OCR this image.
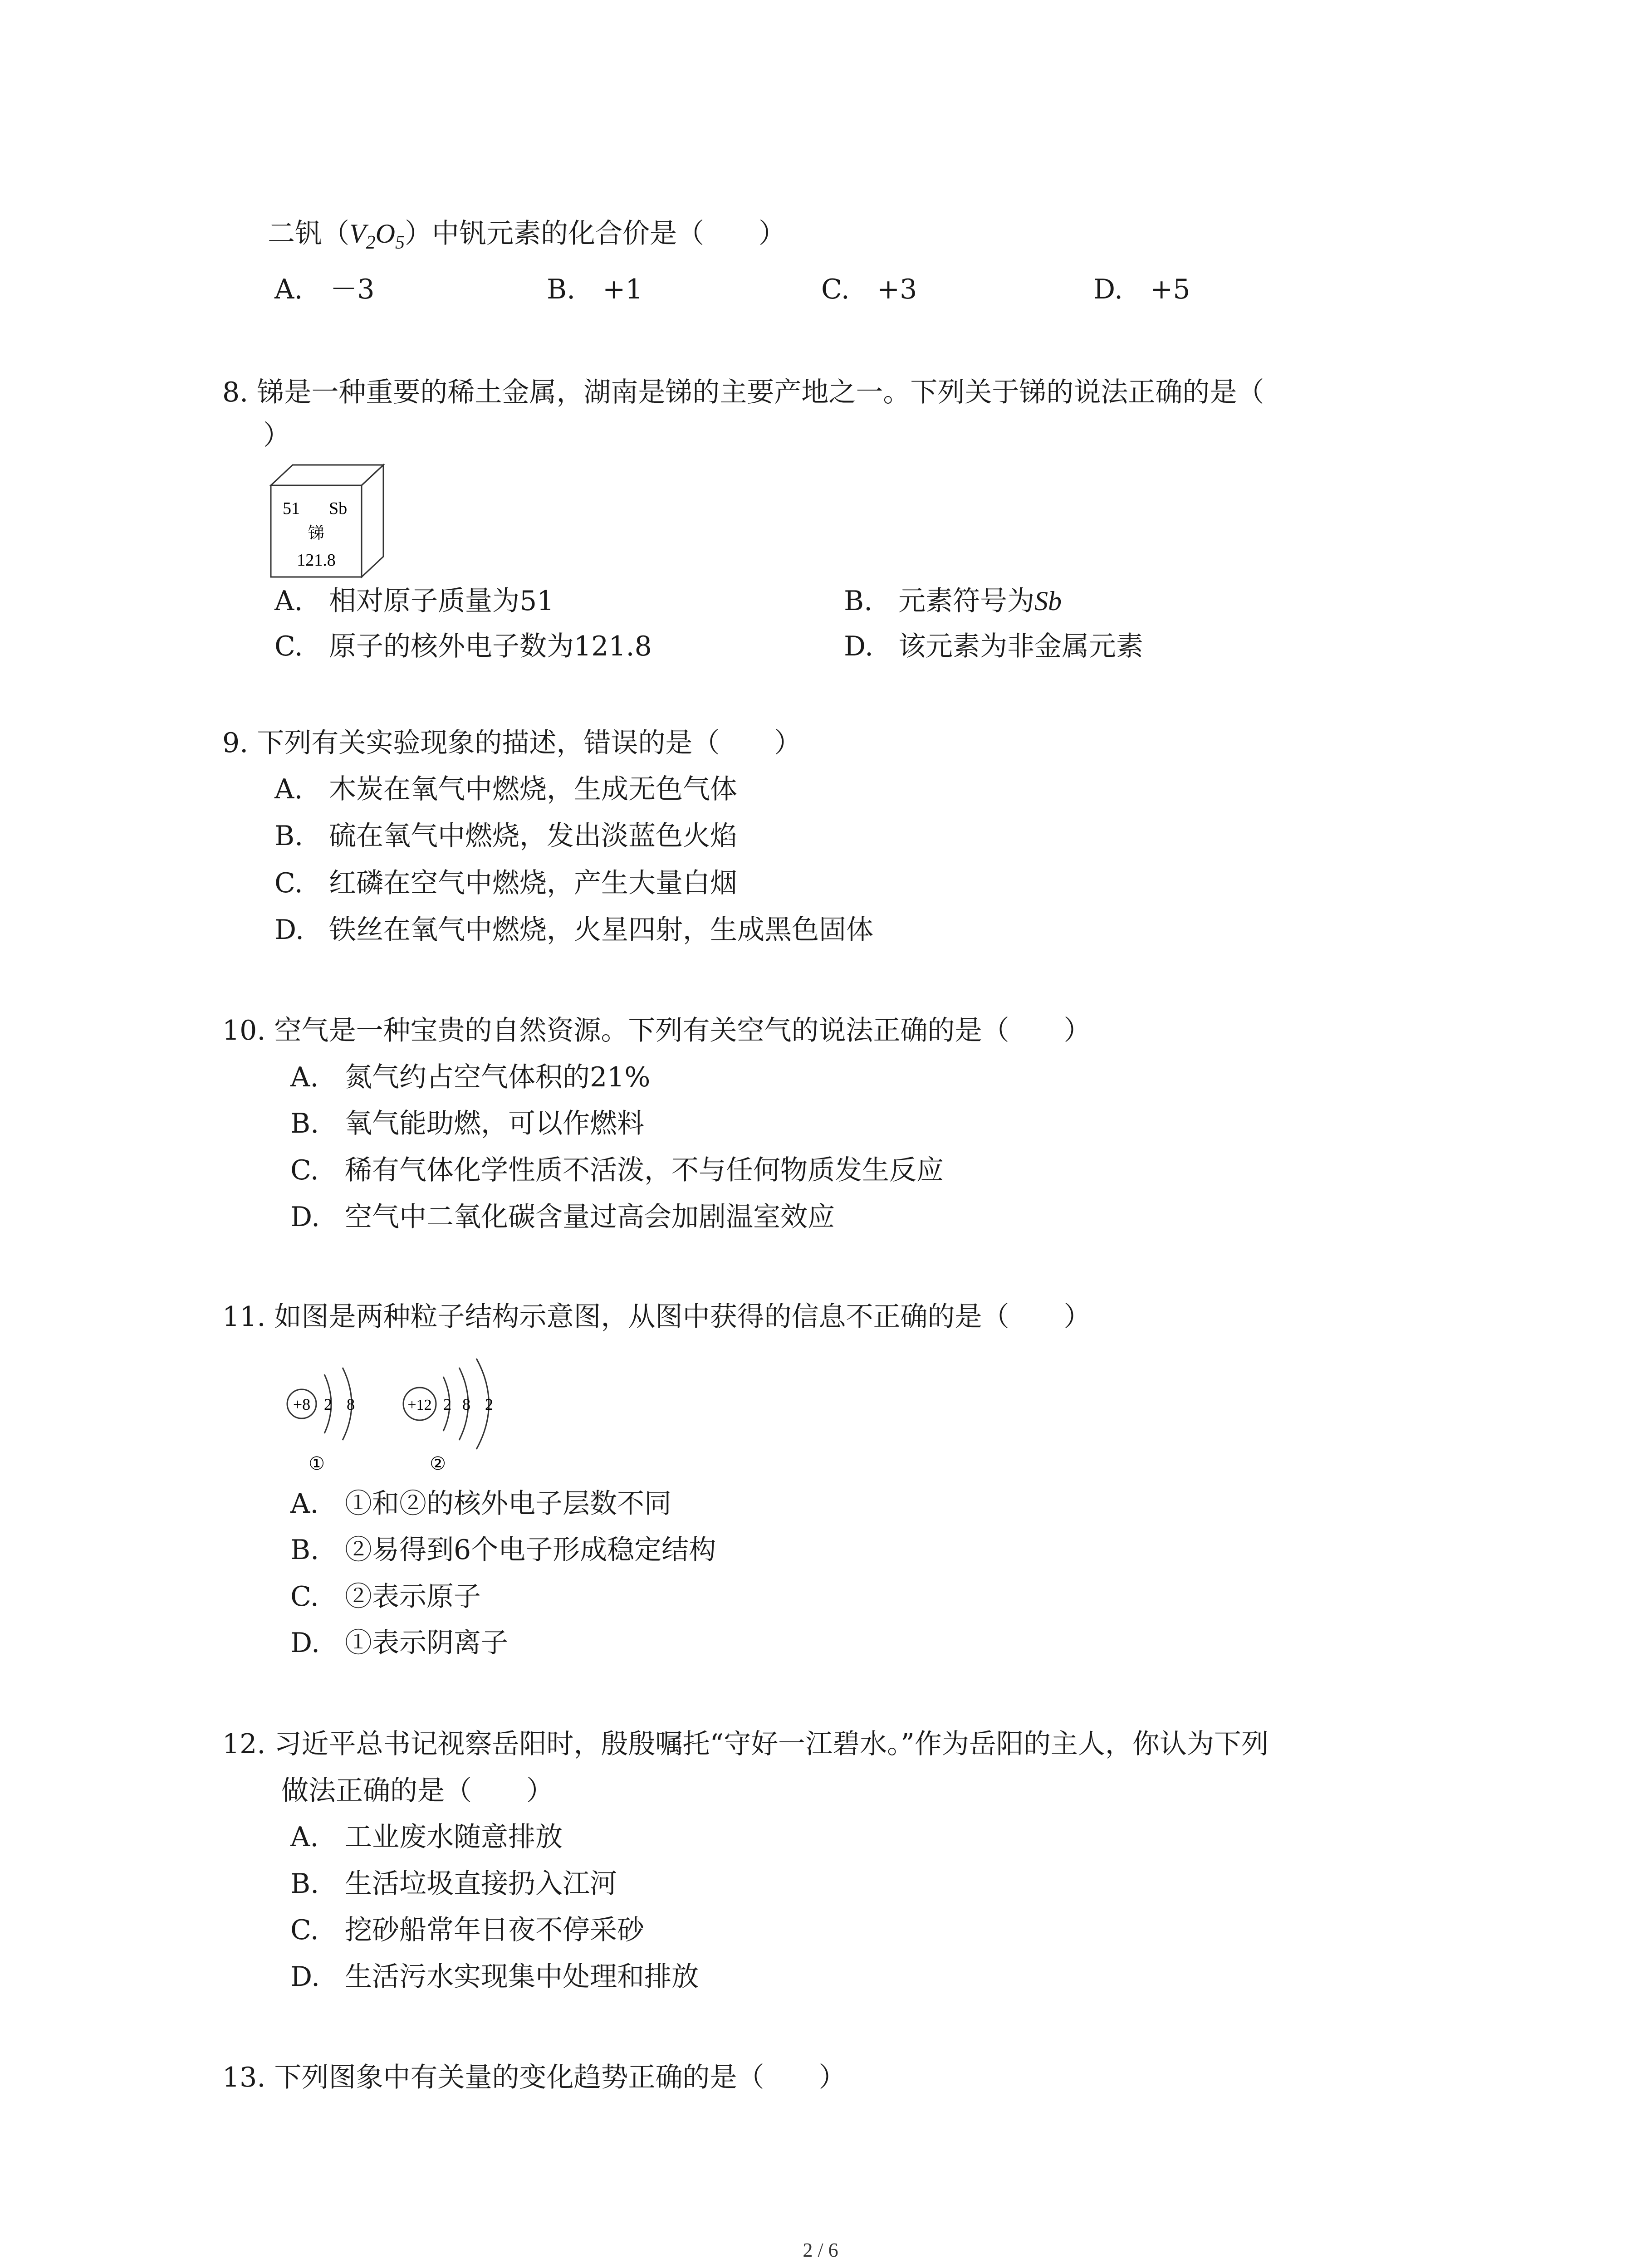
二钒$(V_2O_5)$中钒元素的化合价是（　　）
A.　－3	B.　+1	C.　+3	D.　+5
8. 锑是一种重要的稀土金属，湖南是锑的主要产地之一。下列关于锑的说法正确的是（
）
51 Sb
锑
121.8
A. 相对原子质量为51	B. 元素符号为Sb
C. 原子的核外电子数为121.8	D. 该元素为非金属元素
9. 下列有关实验现象的描述，错误的是（　　）
A. 木炭在氧气中燃烧，生成无色气体
B. 硫在氧气中燃烧，发出淡蓝色火焰
C. 红磷在空气中燃烧，产生大量白烟
D. 铁丝在氧气中燃烧，火星四射，生成黑色固体
10. 空气是一种宝贵的自然资源。下列有关空气的说法正确的是（　　）
A. 氮气约占空气体积的21%
B. 氧气能助燃，可以作燃料
C. 稀有气体化学性质不活泼，不与任何物质发生反应
D. 空气中二氧化碳含量过高会加剧温室效应
11. 如图是两种粒子结构示意图，从图中获得的信息不正确的是（　　）
+8 2 8
①
+12 2 8 2
②
A. ①和②的核外电子层数不同
B. ②易得到6个电子形成稳定结构
C. ②表示原子
D. ①表示阴离子
12. 习近平总书记视察岳阳时，殷殷嘱托“守好一江碧水。”作为岳阳的主人，你认为下列
做法正确的是（　　）
A. 工业废水随意排放
B. 生活垃圾直接扔入江河
C. 挖砂船常年日夜不停采砂
D. 生活污水实现集中处理和排放
13. 下列图象中有关量的变化趋势正确的是（　　）
2 / 6
